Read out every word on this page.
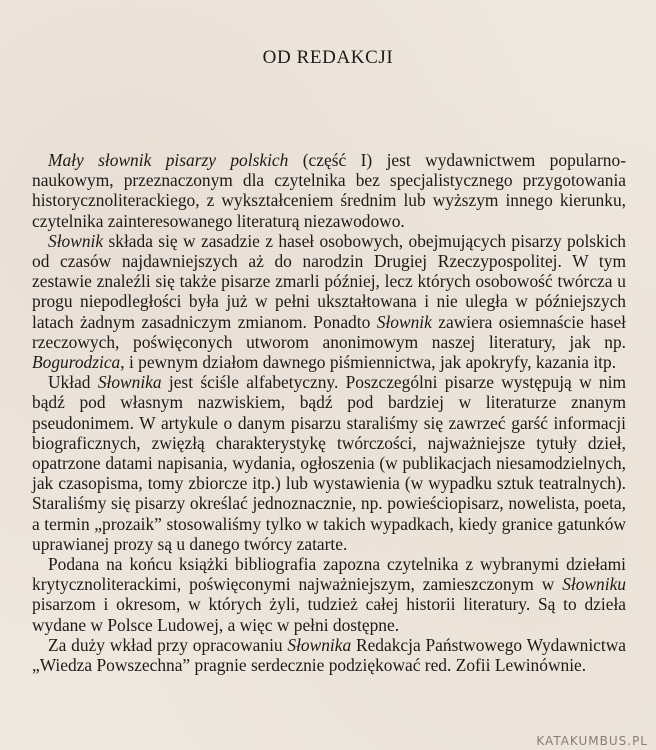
OD REDAKCJI

Mały słownik pisarzy polskich (część I) jest wydawnictwem popularno-naukowym, przeznaczonym dla czytelnika bez specjalistycznego przygotowania historycznoliterackiego, z wykształceniem średnim lub wyższym innego kierunku, czytelnika zainteresowanego literaturą niezawodowo.

Słownik składa się w zasadzie z haseł osobowych, obejmujących pisarzy polskich od czasów najdawniejszych aż do narodzin Drugiej Rzeczypospolitej. W tym zestawie znaleźli się także pisarze zmarli później, lecz których osobowość twórcza u progu niepodległości była już w pełni ukształtowana i nie uległa w późniejszych latach żadnym zasadniczym zmianom. Ponadto Słownik zawiera osiemnaście haseł rzeczowych, poświęconych utworom anonimowym naszej literatury, jak np. Bogurodzica, i pewnym działom dawnego piśmiennictwa, jak apokryfy, kazania itp.

Układ Słownika jest ściśle alfabetyczny. Poszczególni pisarze występują w nim bądź pod własnym nazwiskiem, bądź pod bardziej w literaturze znanym pseudonimem. W artykule o danym pisarzu staraliśmy się zawrzeć garść informacji biograficznych, zwięzłą charakterystykę twórczości, najważniejsze tytuły dzieł, opatrzone datami napisania, wydania, ogłoszenia (w publikacjach niesamodzielnych, jak czasopisma, tomy zbiorcze itp.) lub wystawienia (w wypadku sztuk teatralnych). Staraliśmy się pisarzy określać jednoznacznie, np. powieściopisarz, nowelista, poeta, a termin „prozaik” stosowaliśmy tylko w takich wypadkach, kiedy granice gatunków uprawianej prozy są u danego twórcy zatarte.

Podana na końcu książki bibliografia zapozna czytelnika z wybranymi dziełami krytycznoliterackimi, poświęconymi najważniejszym, zamieszczonym w Słowniku pisarzom i okresom, w których żyli, tudzież całej historii literatury. Są to dzieła wydane w Polsce Ludowej, a więc w pełni dostępne.

Za duży wkład przy opracowaniu Słownika Redakcja Państwowego Wydawnictwa „Wiedza Powszechna” pragnie serdecznie podziękować red. Zofii Lewinównie.

KATAKUMBUS.PL
